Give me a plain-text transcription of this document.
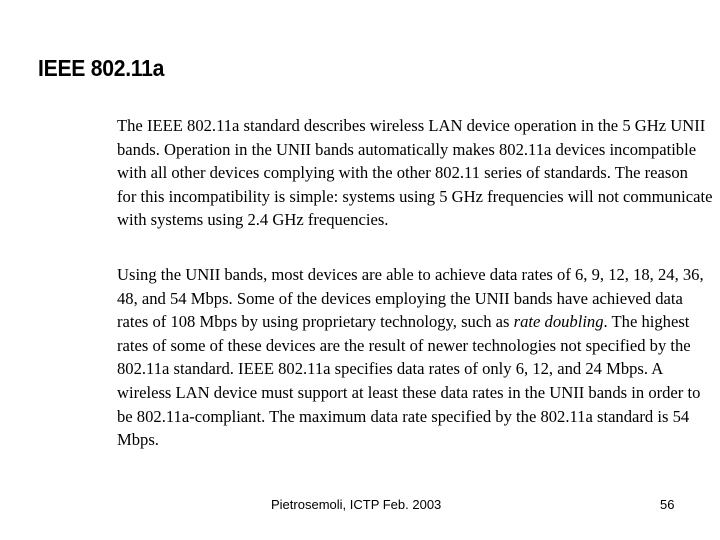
IEEE 802.11a

The IEEE 802.11a standard describes wireless LAN device operation in the 5 GHz UNII
bands. Operation in the UNII bands automatically makes 802.11a devices incompatible
with all other devices complying with the other 802.11 series of standards. The reason
for this incompatibility is simple: systems using 5 GHz frequencies will not communicate
with systems using 2.4 GHz frequencies.

Using the UNII bands, most devices are able to achieve data rates of 6, 9, 12, 18, 24, 36,
48, and 54 Mbps. Some of the devices employing the UNII bands have achieved data
rates of 108 Mbps by using proprietary technology, such as rate doubling. The highest
rates of some of these devices are the result of newer technologies not specified by the
802.11a standard. IEEE 802.11a specifies data rates of only 6, 12, and 24 Mbps. A
wireless LAN device must support at least these data rates in the UNII bands in order to
be 802.11a-compliant. The maximum data rate specified by the 802.11a standard is 54
Mbps.

Pietrosemoli, ICTP Feb. 2003	56
